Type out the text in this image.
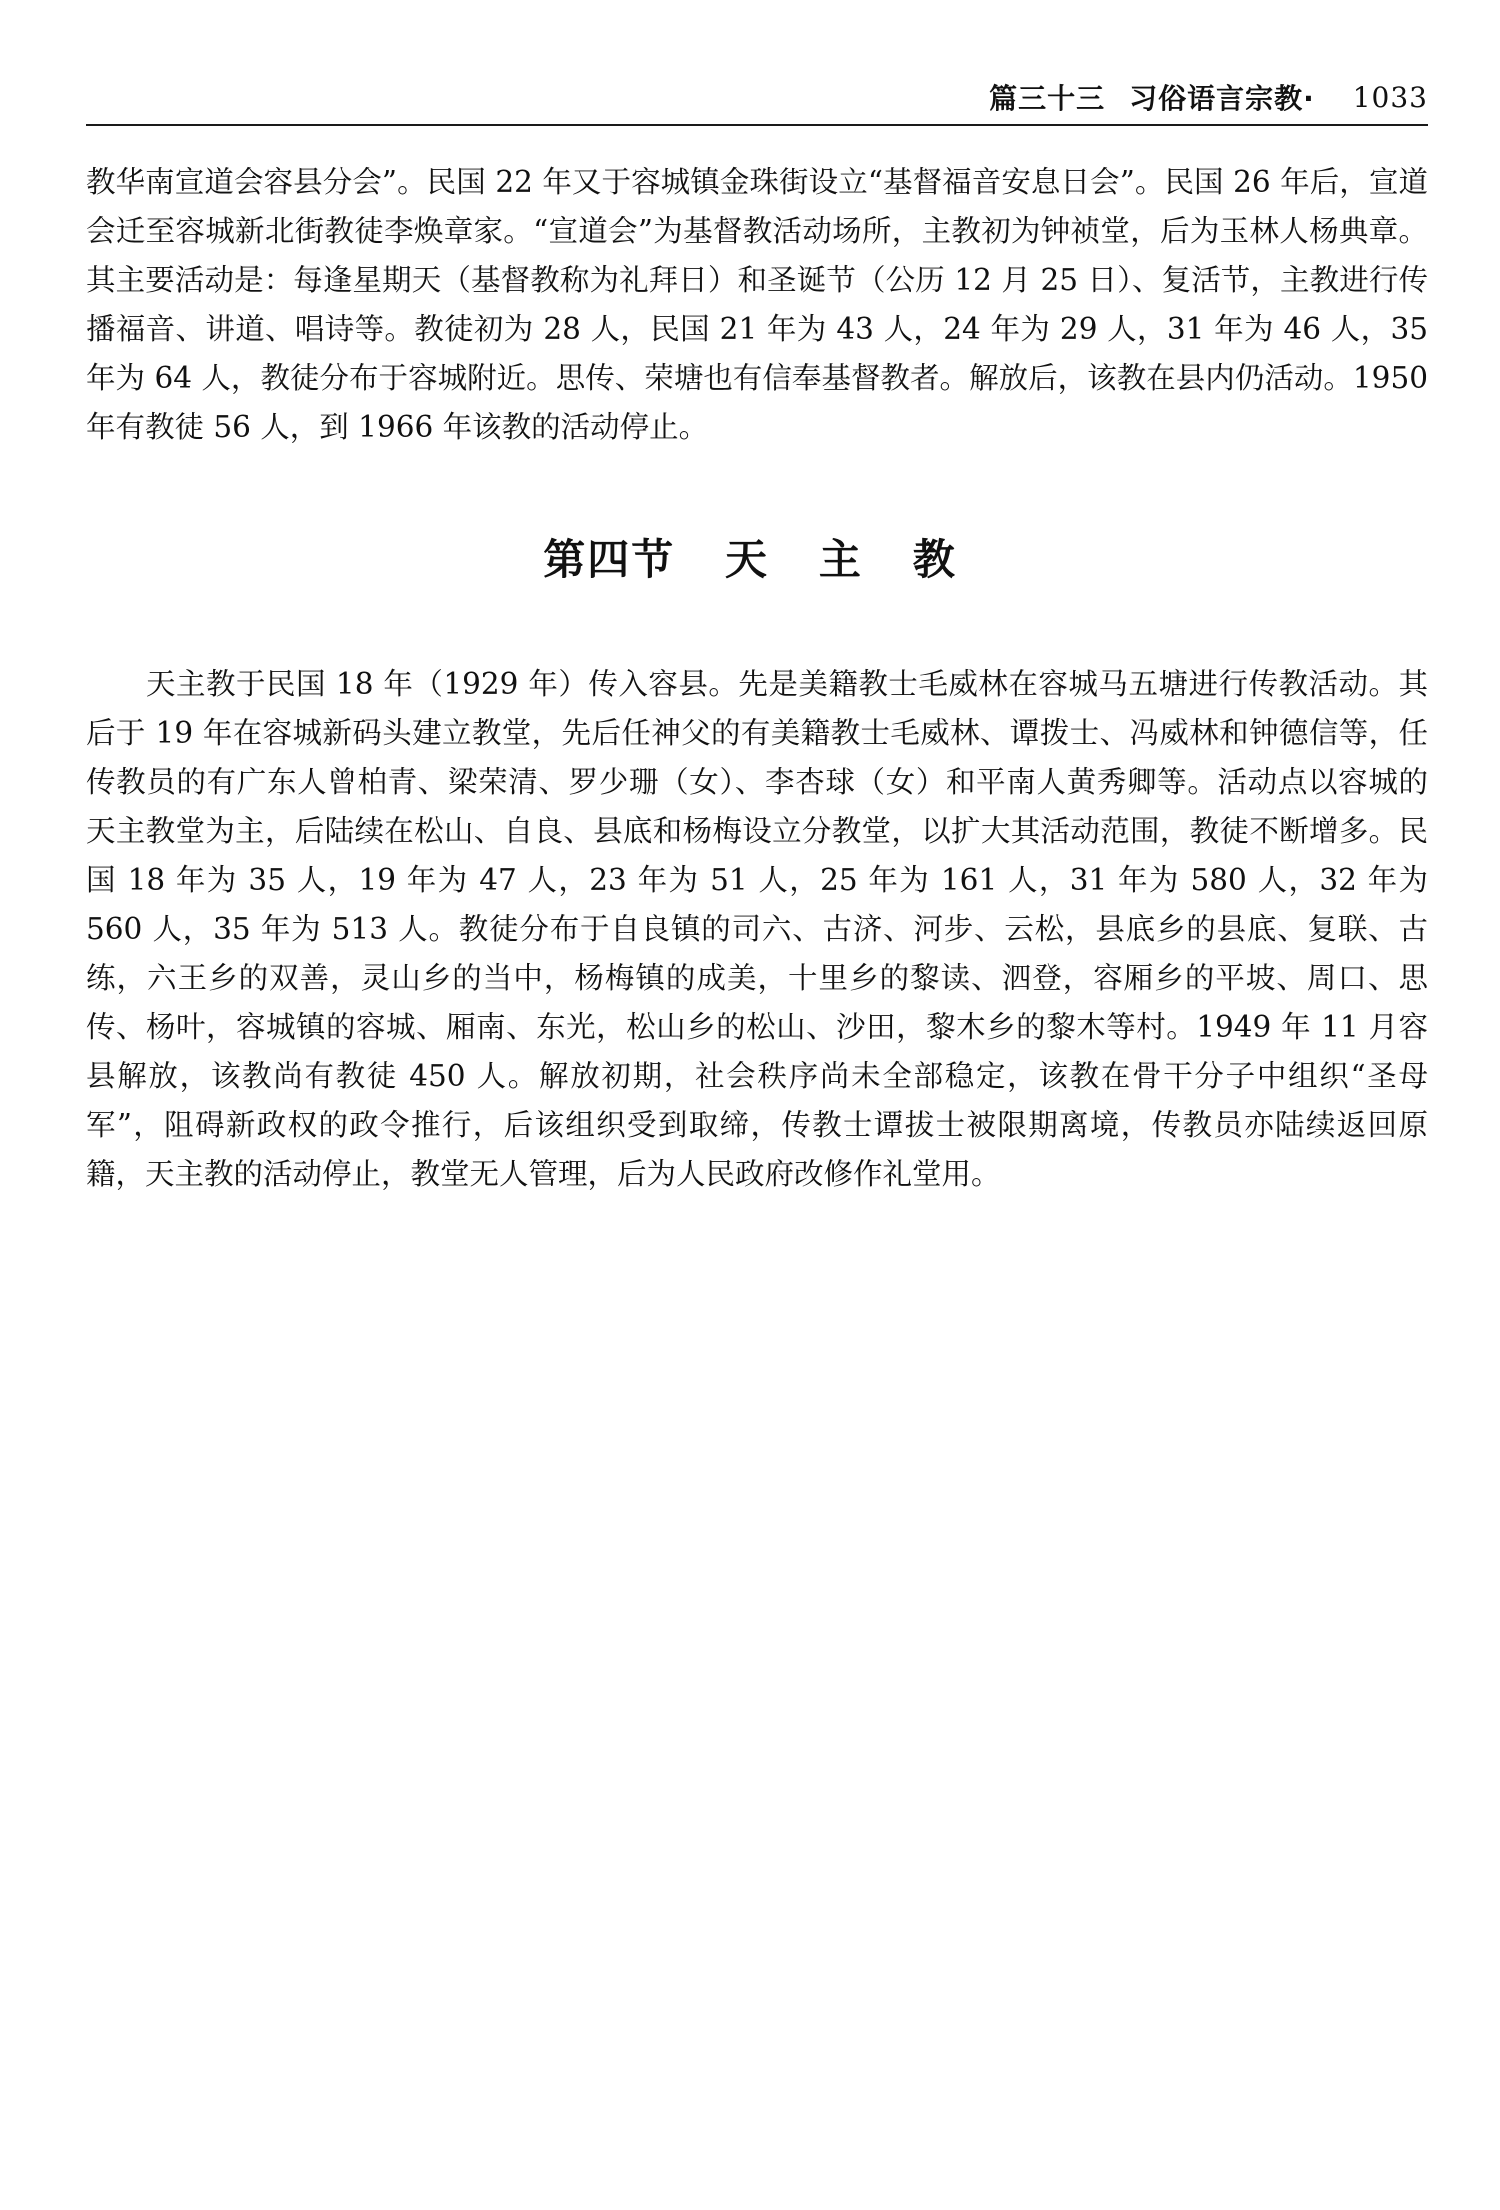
篇三十三 习俗语言宗教· 1033

教华南宣道会容县分会”。民国 22 年又于容城镇金珠街设立“基督福音安息日会”。民国 26 年后，宣道会迁至容城新北街教徒李焕章家。“宣道会”为基督教活动场所，主教初为钟祯堂，后为玉林人杨典章。其主要活动是：每逢星期天（基督教称为礼拜日）和圣诞节（公历 12 月 25 日）、复活节，主教进行传播福音、讲道、唱诗等。教徒初为 28 人，民国 21 年为 43 人，24 年为 29 人，31 年为 46 人，35 年为 64 人，教徒分布于容城附近。思传、荣塘也有信奉基督教者。解放后，该教在县内仍活动。1950 年有教徒 56 人，到 1966 年该教的活动停止。

第四节   天   主   教

天主教于民国 18 年（1929 年）传入容县。先是美籍教士毛威林在容城马五塘进行传教活动。其后于 19 年在容城新码头建立教堂，先后任神父的有美籍教士毛威林、谭拨士、冯威林和钟德信等，任传教员的有广东人曾柏青、梁荣清、罗少珊（女）、李杏球（女）和平南人黄秀卿等。活动点以容城的天主教堂为主，后陆续在松山、自良、县底和杨梅设立分教堂，以扩大其活动范围，教徒不断增多。民国 18 年为 35 人，19 年为 47 人，23 年为 51 人，25 年为 161 人，31 年为 580 人，32 年为 560 人，35 年为 513 人。教徒分布于自良镇的司六、古济、河步、云松，县底乡的县底、复联、古练，六王乡的双善，灵山乡的当中，杨梅镇的成美，十里乡的黎读、泗登，容厢乡的平坡、周口、思传、杨叶，容城镇的容城、厢南、东光，松山乡的松山、沙田，黎木乡的黎木等村。1949 年 11 月容县解放，该教尚有教徒 450 人。解放初期，社会秩序尚未全部稳定，该教在骨干分子中组织“圣母军”，阻碍新政权的政令推行，后该组织受到取缔，传教士谭拔士被限期离境，传教员亦陆续返回原籍，天主教的活动停止，教堂无人管理，后为人民政府改修作礼堂用。
